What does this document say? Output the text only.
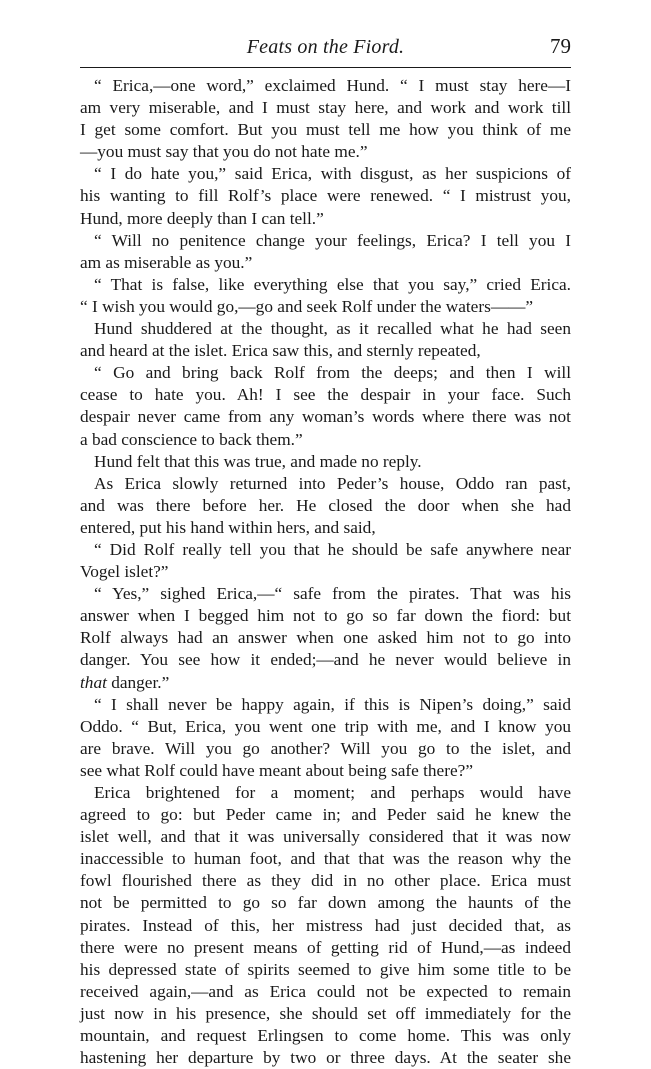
Feats on the Fiord.	79
“ Erica,—one word,” exclaimed Hund. “ I must stay here—I
am very miserable, and I must stay here, and work and work till
I get some comfort. But you must tell me how you think of me
—you must say that you do not hate me.”
“ I do hate you,” said Erica, with disgust, as her suspicions of
his wanting to fill Rolf’s place were renewed. “ I mistrust you,
Hund, more deeply than I can tell.”
“ Will no penitence change your feelings, Erica? I tell you I
am as miserable as you.”
“ That is false, like everything else that you say,” cried Erica.
“ I wish you would go,—go and seek Rolf under the waters——”
Hund shuddered at the thought, as it recalled what he had seen
and heard at the islet. Erica saw this, and sternly repeated,
“ Go and bring back Rolf from the deeps; and then I will
cease to hate you. Ah! I see the despair in your face. Such
despair never came from any woman’s words where there was not
a bad conscience to back them.”
Hund felt that this was true, and made no reply.
As Erica slowly returned into Peder’s house, Oddo ran past,
and was there before her. He closed the door when she had
entered, put his hand within hers, and said,
“ Did Rolf really tell you that he should be safe anywhere near
Vogel islet?”
“ Yes,” sighed Erica,—“ safe from the pirates. That was his
answer when I begged him not to go so far down the fiord: but
Rolf always had an answer when one asked him not to go into
danger. You see how it ended;—and he never would believe in
that danger.”
“ I shall never be happy again, if this is Nipen’s doing,” said
Oddo. “ But, Erica, you went one trip with me, and I know you
are brave. Will you go another? Will you go to the islet, and
see what Rolf could have meant about being safe there?”
Erica brightened for a moment; and perhaps would have
agreed to go: but Peder came in; and Peder said he knew the
islet well, and that it was universally considered that it was now
inaccessible to human foot, and that that was the reason why the
fowl flourished there as they did in no other place. Erica must
not be permitted to go so far down among the haunts of the
pirates. Instead of this, her mistress had just decided that, as
there were no present means of getting rid of Hund,—as indeed
his depressed state of spirits seemed to give him some title to be
received again,—and as Erica could not be expected to remain
just now in his presence, she should set off immediately for the
mountain, and request Erlingsen to come home. This was only
hastening her departure by two or three days. At the seater she
